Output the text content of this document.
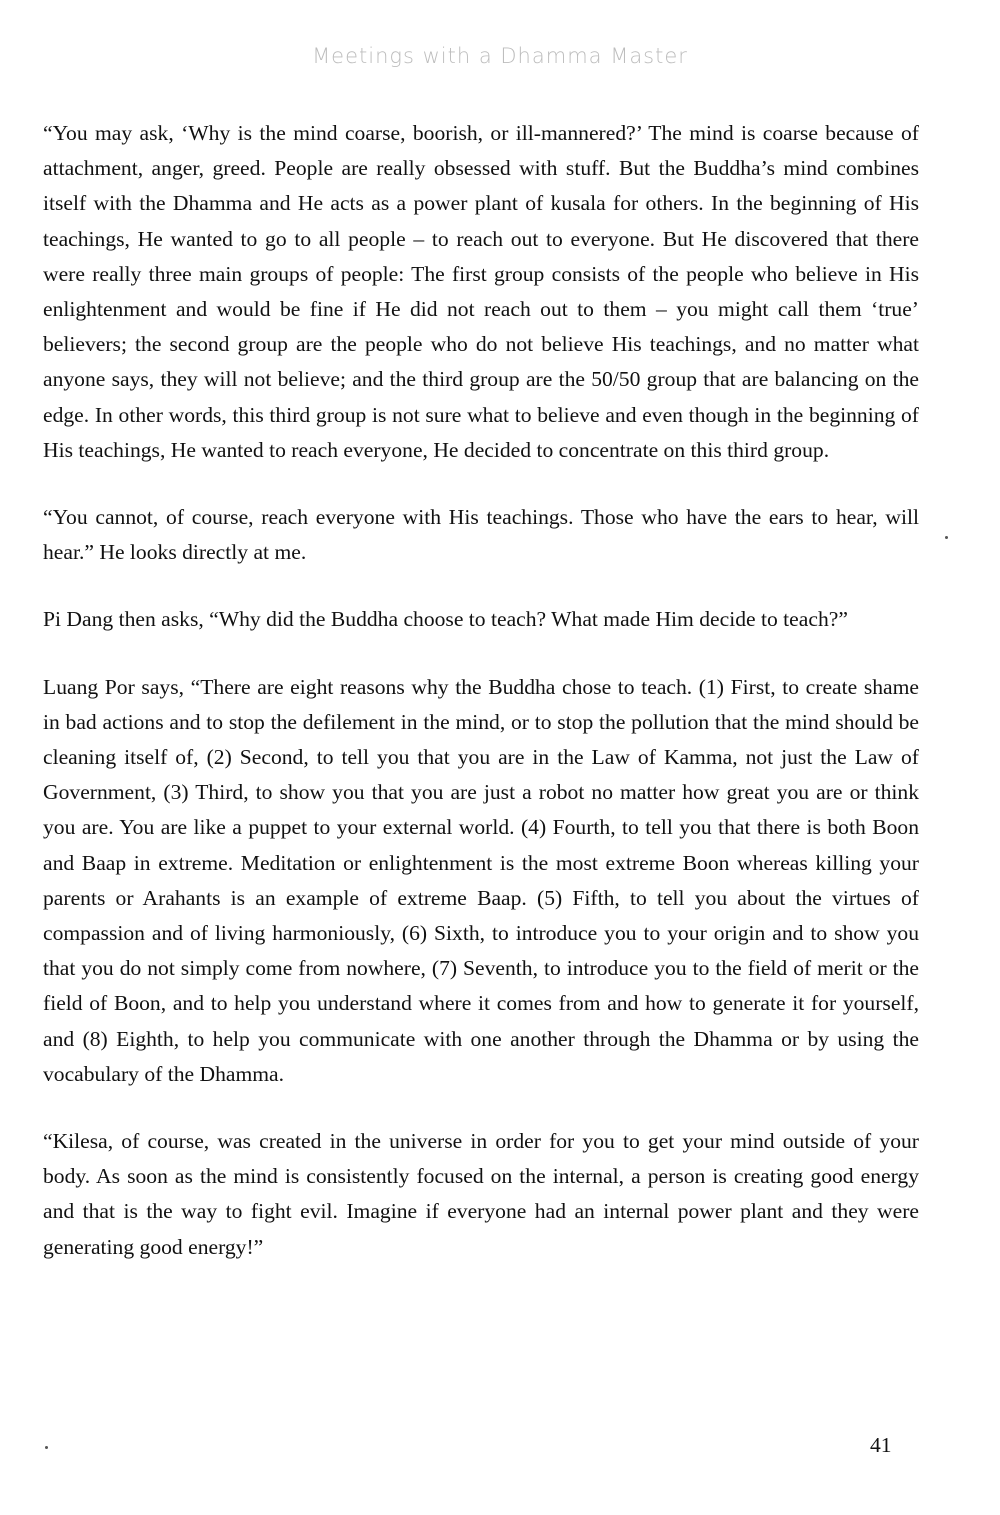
Meetings with a Dhamma Master

“You may ask, ‘Why is the mind coarse, boorish, or ill-mannered?’ The mind is coarse because of attachment, anger, greed. People are really obsessed with stuff. But the Buddha’s mind combines itself with the Dhamma and He acts as a power plant of kusala for others. In the beginning of His teachings, He wanted to go to all people – to reach out to everyone. But He discovered that there were really three main groups of people: The first group consists of the people who believe in His enlightenment and would be fine if He did not reach out to them – you might call them ‘true’ believers; the second group are the people who do not believe His teachings, and no matter what anyone says, they will not believe; and the third group are the 50/50 group that are balancing on the edge. In other words, this third group is not sure what to believe and even though in the beginning of His teachings, He wanted to reach everyone, He decided to concentrate on this third group.

“You cannot, of course, reach everyone with His teachings. Those who have the ears to hear, will hear.” He looks directly at me.

Pi Dang then asks, “Why did the Buddha choose to teach? What made Him decide to teach?”

Luang Por says, “There are eight reasons why the Buddha chose to teach. (1) First, to create shame in bad actions and to stop the defilement in the mind, or to stop the pollution that the mind should be cleaning itself of, (2) Second, to tell you that you are in the Law of Kamma, not just the Law of Government, (3) Third, to show you that you are just a robot no matter how great you are or think you are. You are like a puppet to your external world. (4) Fourth, to tell you that there is both Boon and Baap in extreme. Meditation or enlightenment is the most extreme Boon whereas killing your parents or Arahants is an example of extreme Baap. (5) Fifth, to tell you about the virtues of compassion and of living harmoniously, (6) Sixth, to introduce you to your origin and to show you that you do not simply come from nowhere, (7) Seventh, to introduce you to the field of merit or the field of Boon, and to help you understand where it comes from and how to generate it for yourself, and (8) Eighth, to help you communicate with one another through the Dhamma or by using the vocabulary of the Dhamma.

“Kilesa, of course, was created in the universe in order for you to get your mind outside of your body. As soon as the mind is consistently focused on the internal, a person is creating good energy and that is the way to fight evil. Imagine if everyone had an internal power plant and they were generating good energy!”

41
